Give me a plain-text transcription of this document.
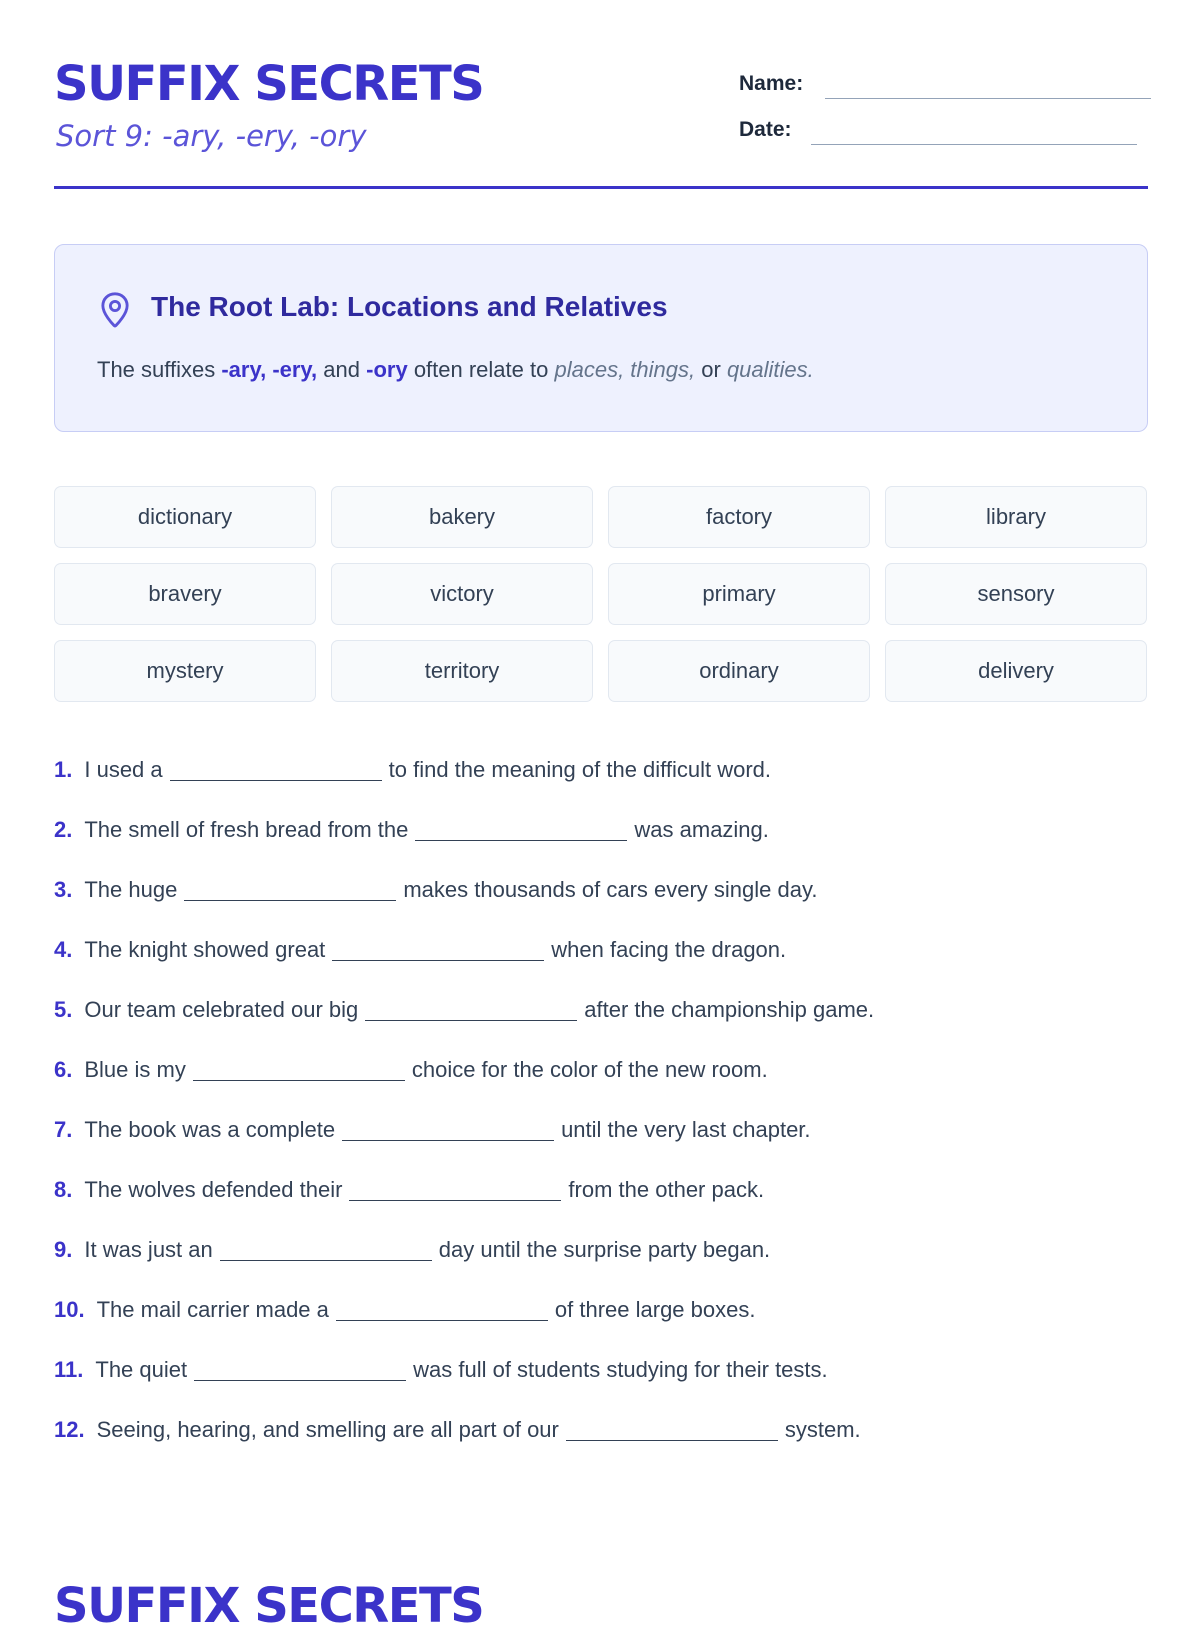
SUFFIX SECRETS
Sort 9: -ary, -ery, -ory
Name:
Date:
The Root Lab: Locations and Relatives
The suffixes -ary, -ery, and -ory often relate to places, things, or qualities.
dictionary	bakery	factory	library
bravery	victory	primary	sensory
mystery	territory	ordinary	delivery
1. I used a	to find the meaning of the difficult word.
2. The smell of fresh bread from the	was amazing.
3. The huge	makes thousands of cars every single day.
4. The knight showed great	when facing the dragon.
5. Our team celebrated our big	after the championship game.
6. Blue is my	choice for the color of the new room.
7. The book was a complete	until the very last chapter.
8. The wolves defended their	from the other pack.
9. It was just an	day until the surprise party began.
10. The mail carrier made a	of three large boxes.
11. The quiet	was full of students studying for their tests.
12. Seeing, hearing, and smelling are all part of our	system.
SUFFIX SECRETS
